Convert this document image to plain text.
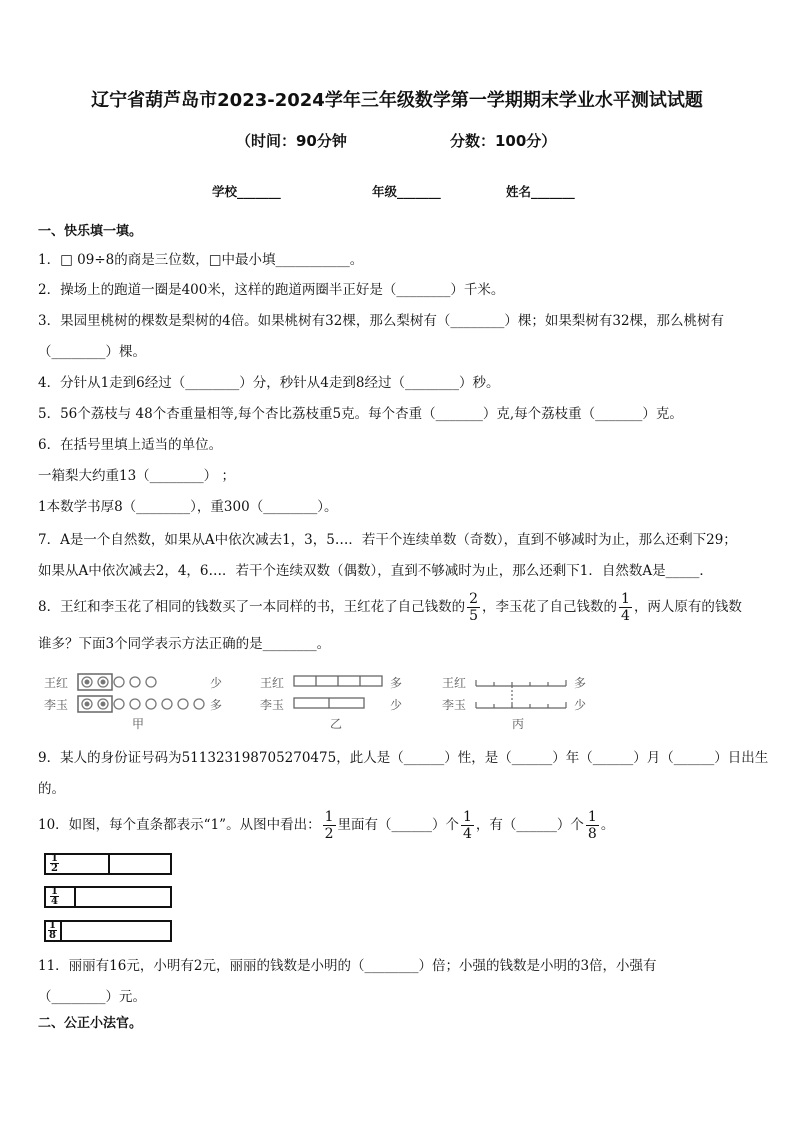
辽宁省葫芦岛市2023-2024学年三年级数学第一学期期末学业水平测试试题
（时间：90分钟	分数：100分）
学校_______	年级_______	姓名_______
一、快乐填一填。
1．□ 09÷8的商是三位数，□中最小填___________。
2．操场上的跑道一圈是400米，这样的跑道两圈半正好是（________）千米。
3．果园里桃树的棵数是梨树的4倍。如果桃树有32棵，那么梨树有（________）棵；如果梨树有32棵，那么桃树有
（________）棵。
4．分针从1走到6经过（________）分，秒针从4走到8经过（________）秒。
5．56个荔枝与 48个杏重量相等,每个杏比荔枝重5克。每个杏重（_______）克,每个荔枝重（_______）克。
6．在括号里填上适当的单位。
一箱梨大约重13（________） ；
1本数学书厚8（________），重300（________）。
7．A是一个自然数，如果从A中依次减去1，3，5…．若干个连续单数（奇数），直到不够减时为止，那么还剩下29；
如果从A中依次减去2，4，6…．若干个连续双数（偶数），直到不够减时为止，那么还剩下1．自然数A是_____．
8．王红和李玉花了相同的钱数买了一本同样的书，王红花了自己钱数的 $\frac{2}{5}$ ，李玉花了自己钱数的 $\frac{1}{4}$ ，两人原有的钱数
谁多？下面3个同学表示方法正确的是________。
王红
李玉
少
多
甲
王红
李玉
多
少
乙
王红
李玉
多
少
丙
9．某人的身份证号码为511323198705270475，此人是（______）性，是（______）年（______）月（______）日出生
的。
10．如图，每个直条都表示“1”。从图中看出： $\frac{1}{2}$ 里面有（______）个 $\frac{1}{4}$ ，有（______）个 $\frac{1}{8}$ 。
$\frac{1}{2}$
$\frac{1}{4}$
$\frac{1}{8}$
11．丽丽有16元，小明有2元，丽丽的钱数是小明的（________）倍；小强的钱数是小明的3倍，小强有
（________）元。
二、公正小法官。
